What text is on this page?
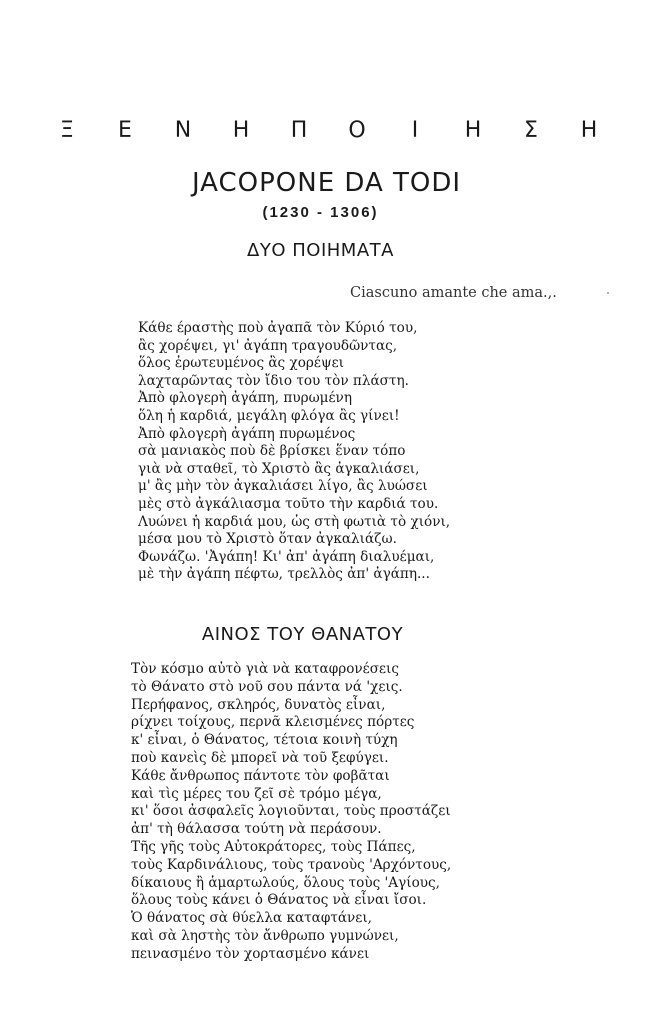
Ξ Ε Ν Η Π Ο Ι Η Σ Η
JACOPONE DA TODI
(1230 - 1306)
ΔΥΟ ΠΟΙΗΜΑΤΑ
Ciascuno amante che ama.,.
Κάθε έραστὴς ποὺ ἀγαπᾶ τὸν Κύριό του,
ἂς χορέψει, γι' ἀγάπη τραγουδῶντας,
ὅλος ἐρωτευμένος ἂς χορέψει
λαχταρῶντας τὸν ἴδιο του τὸν πλάστη.
Ἀπὸ φλογερὴ ἀγάπη, πυρωμένη
ὅλη ἡ καρδιά, μεγάλη φλόγα ἂς γίνει!
Ἀπὸ φλογερὴ ἀγάπη πυρωμένος
σὰ μανιακὸς ποὺ δὲ βρίσκει ἕναν τόπο
γιὰ νὰ σταθεῖ, τὸ Χριστὸ ἂς ἀγκαλιάσει,
μ' ἂς μὴν τὸν ἀγκαλιάσει λίγο, ἂς λυώσει
μὲς στὸ ἀγκάλιασμα τοῦτο τὴν καρδιά του.
Λυώνει ἡ καρδιά μου, ὡς στὴ φωτιὰ τὸ χιόνι,
μέσα μου τὸ Χριστὸ ὅταν ἀγκαλιάζω.
Φωνάζω. 'Ἀγάπη! Κι' ἀπ' ἀγάπη διαλυέμαι,
μὲ τὴν ἀγάπη πέφτω, τρελλὸς ἀπ' ἀγάπη...
ΑΙΝΟΣ ΤΟΥ ΘΑΝΑΤΟΥ
Τὸν κόσμο αὐτὸ γιὰ νὰ καταφρονέσεις
τὸ Θάνατο στὸ νοῦ σου πάντα νά 'χεις.
Περήφανος, σκληρός, δυνατὸς εἶναι,
ρίχνει τοίχους, περνᾶ κλεισμένες πόρτες
κ' εἶναι, ὁ Θάνατος, τέτοια κοινὴ τύχη
ποὺ κανεὶς δὲ μπορεῖ νὰ τοῦ ξεφύγει.
Κάθε ἄνθρωπος πάντοτε τὸν φοβᾶται
καὶ τὶς μέρες του ζεῖ σὲ τρόμο μέγα,
κι' ὅσοι ἀσφαλεῖς λογιοῦνται, τοὺς προστάζει
ἀπ' τὴ θάλασσα τούτη νὰ περάσουν.
Τῆς γῆς τοὺς Αὐτοκράτορες, τοὺς Πάπες,
τοὺς Καρδινάλιους, τοὺς τρανοὺς 'Αρχόντους,
δίκαιους ἢ ἁμαρτωλούς, ὅλους τοὺς 'Αγίους,
ὅλους τοὺς κάνει ὁ Θάνατος νὰ εἶναι ἴσοι.
Ὁ θάνατος σὰ θύελλα καταφτάνει,
καὶ σὰ ληστὴς τὸν ἄνθρωπο γυμνώνει,
πεινασμένο τὸν χορτασμένο κάνει
